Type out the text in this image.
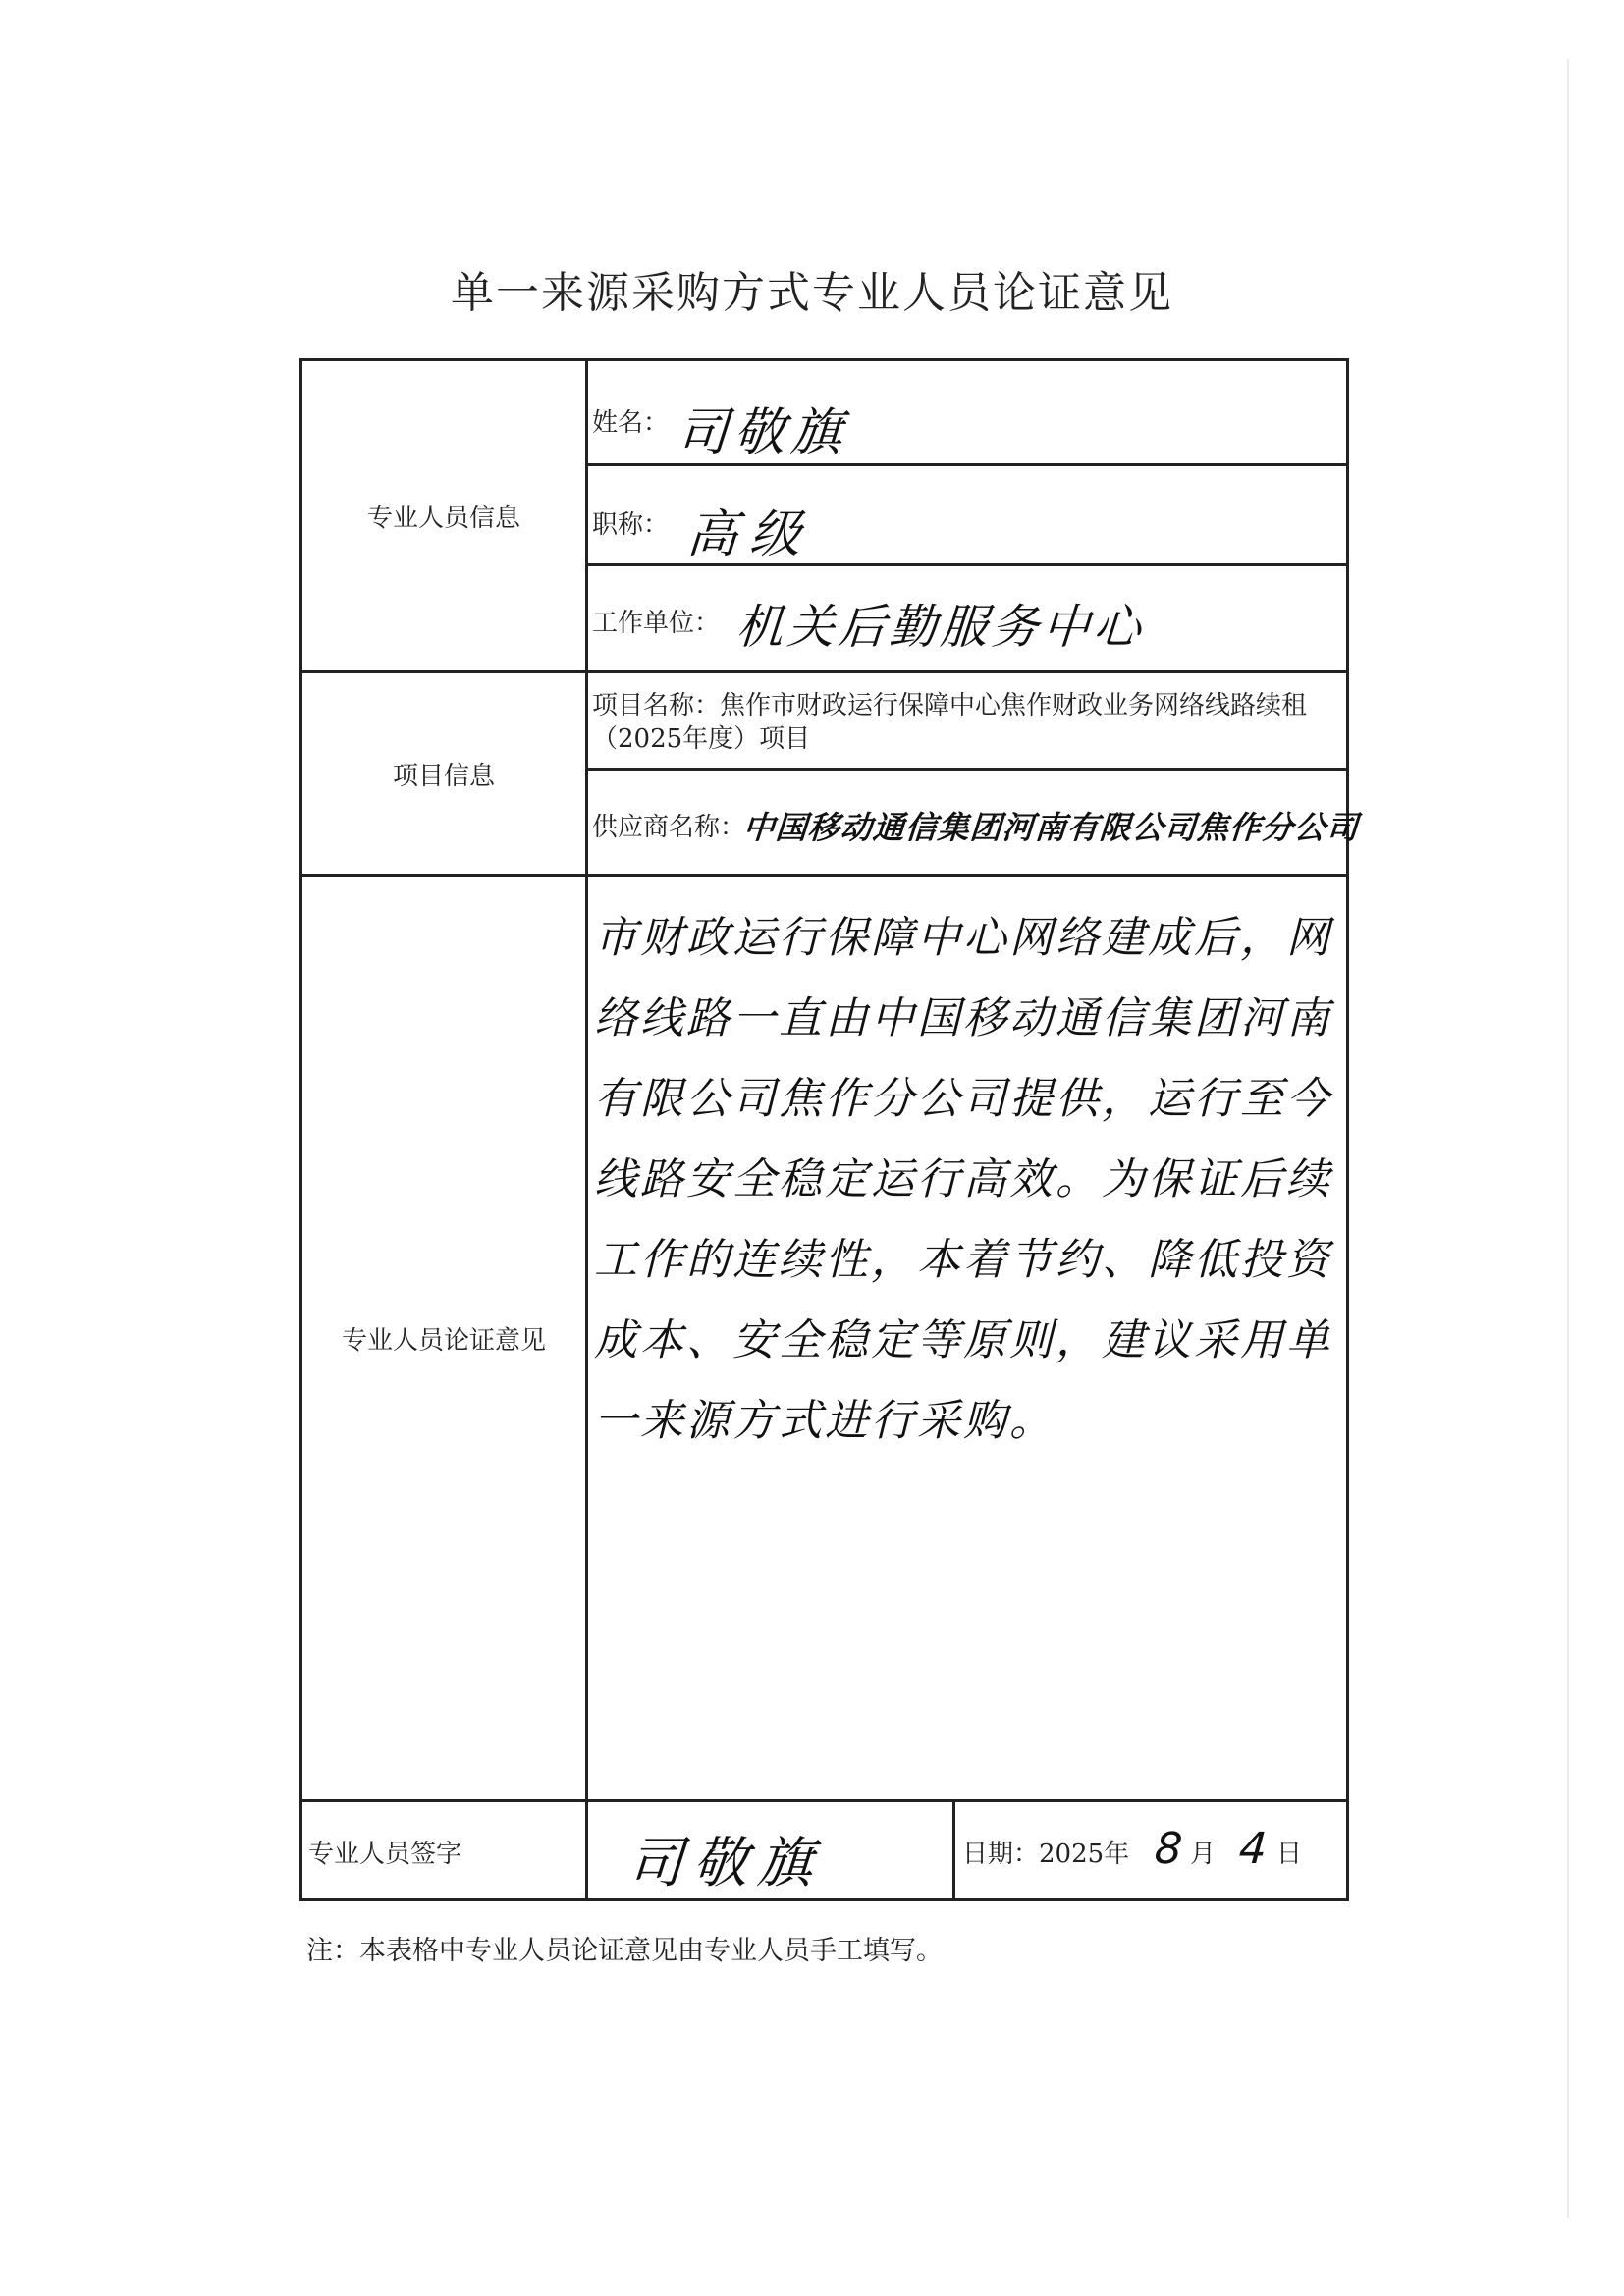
单一来源采购方式专业人员论证意见
专业人员信息
项目信息
专业人员论证意见
专业人员签字
姓名： 司敬旗
职称： 高级
工作单位： 机关后勤服务中心
项目名称：焦作市财政运行保障中心焦作财政业务网络线路续租（2025年度）项目
供应商名称：
中国移动通信集团河南有限公司焦作分公司
市财政运行保障中心网络建成后，网络线路一直由中国移动通信集团河南有限公司焦作分公司提供，运行至今线路安全稳定运行高效。为保证后续工作的连续性，本着节约、降低投资成本、安全稳定等原则，建议采用单一来源方式进行采购。
司敬旗	日期： 2025年 8 月 4 日
注：本表格中专业人员论证意见由专业人员手工填写。
